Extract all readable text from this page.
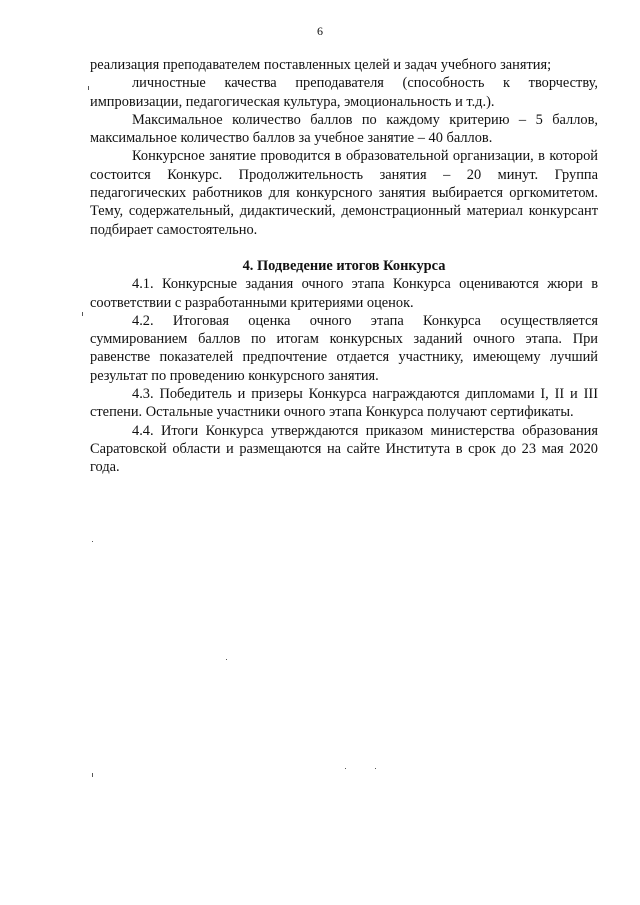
6

реализация преподавателем поставленных целей и задач учебного занятия;

личностные качества преподавателя (способность к творчеству, импровизации, педагогическая культура, эмоциональность и т.д.).

Максимальное количество баллов по каждому критерию – 5 баллов, максимальное количество баллов за учебное занятие – 40 баллов.

Конкурсное занятие проводится в образовательной организации, в которой состоится Конкурс. Продолжительность занятия – 20 минут. Группа педагогических работников для конкурсного занятия выбирается оргкомитетом. Тему, содержательный, дидактический, демонстрационный материал конкурсант подбирает самостоятельно.

4. Подведение итогов Конкурса

4.1. Конкурсные задания очного этапа Конкурса оцениваются жюри в соответствии с разработанными критериями оценок.

4.2. Итоговая оценка очного этапа Конкурса осуществляется суммированием баллов по итогам конкурсных заданий очного этапа. При равенстве показателей предпочтение отдается участнику, имеющему лучший результат по проведению конкурсного занятия.

4.3. Победитель и призеры Конкурса награждаются дипломами I, II и III степени. Остальные участники очного этапа Конкурса получают сертификаты.

4.4. Итоги Конкурса утверждаются приказом министерства образования Саратовской области и размещаются на сайте Института в срок до 23 мая 2020 года.
